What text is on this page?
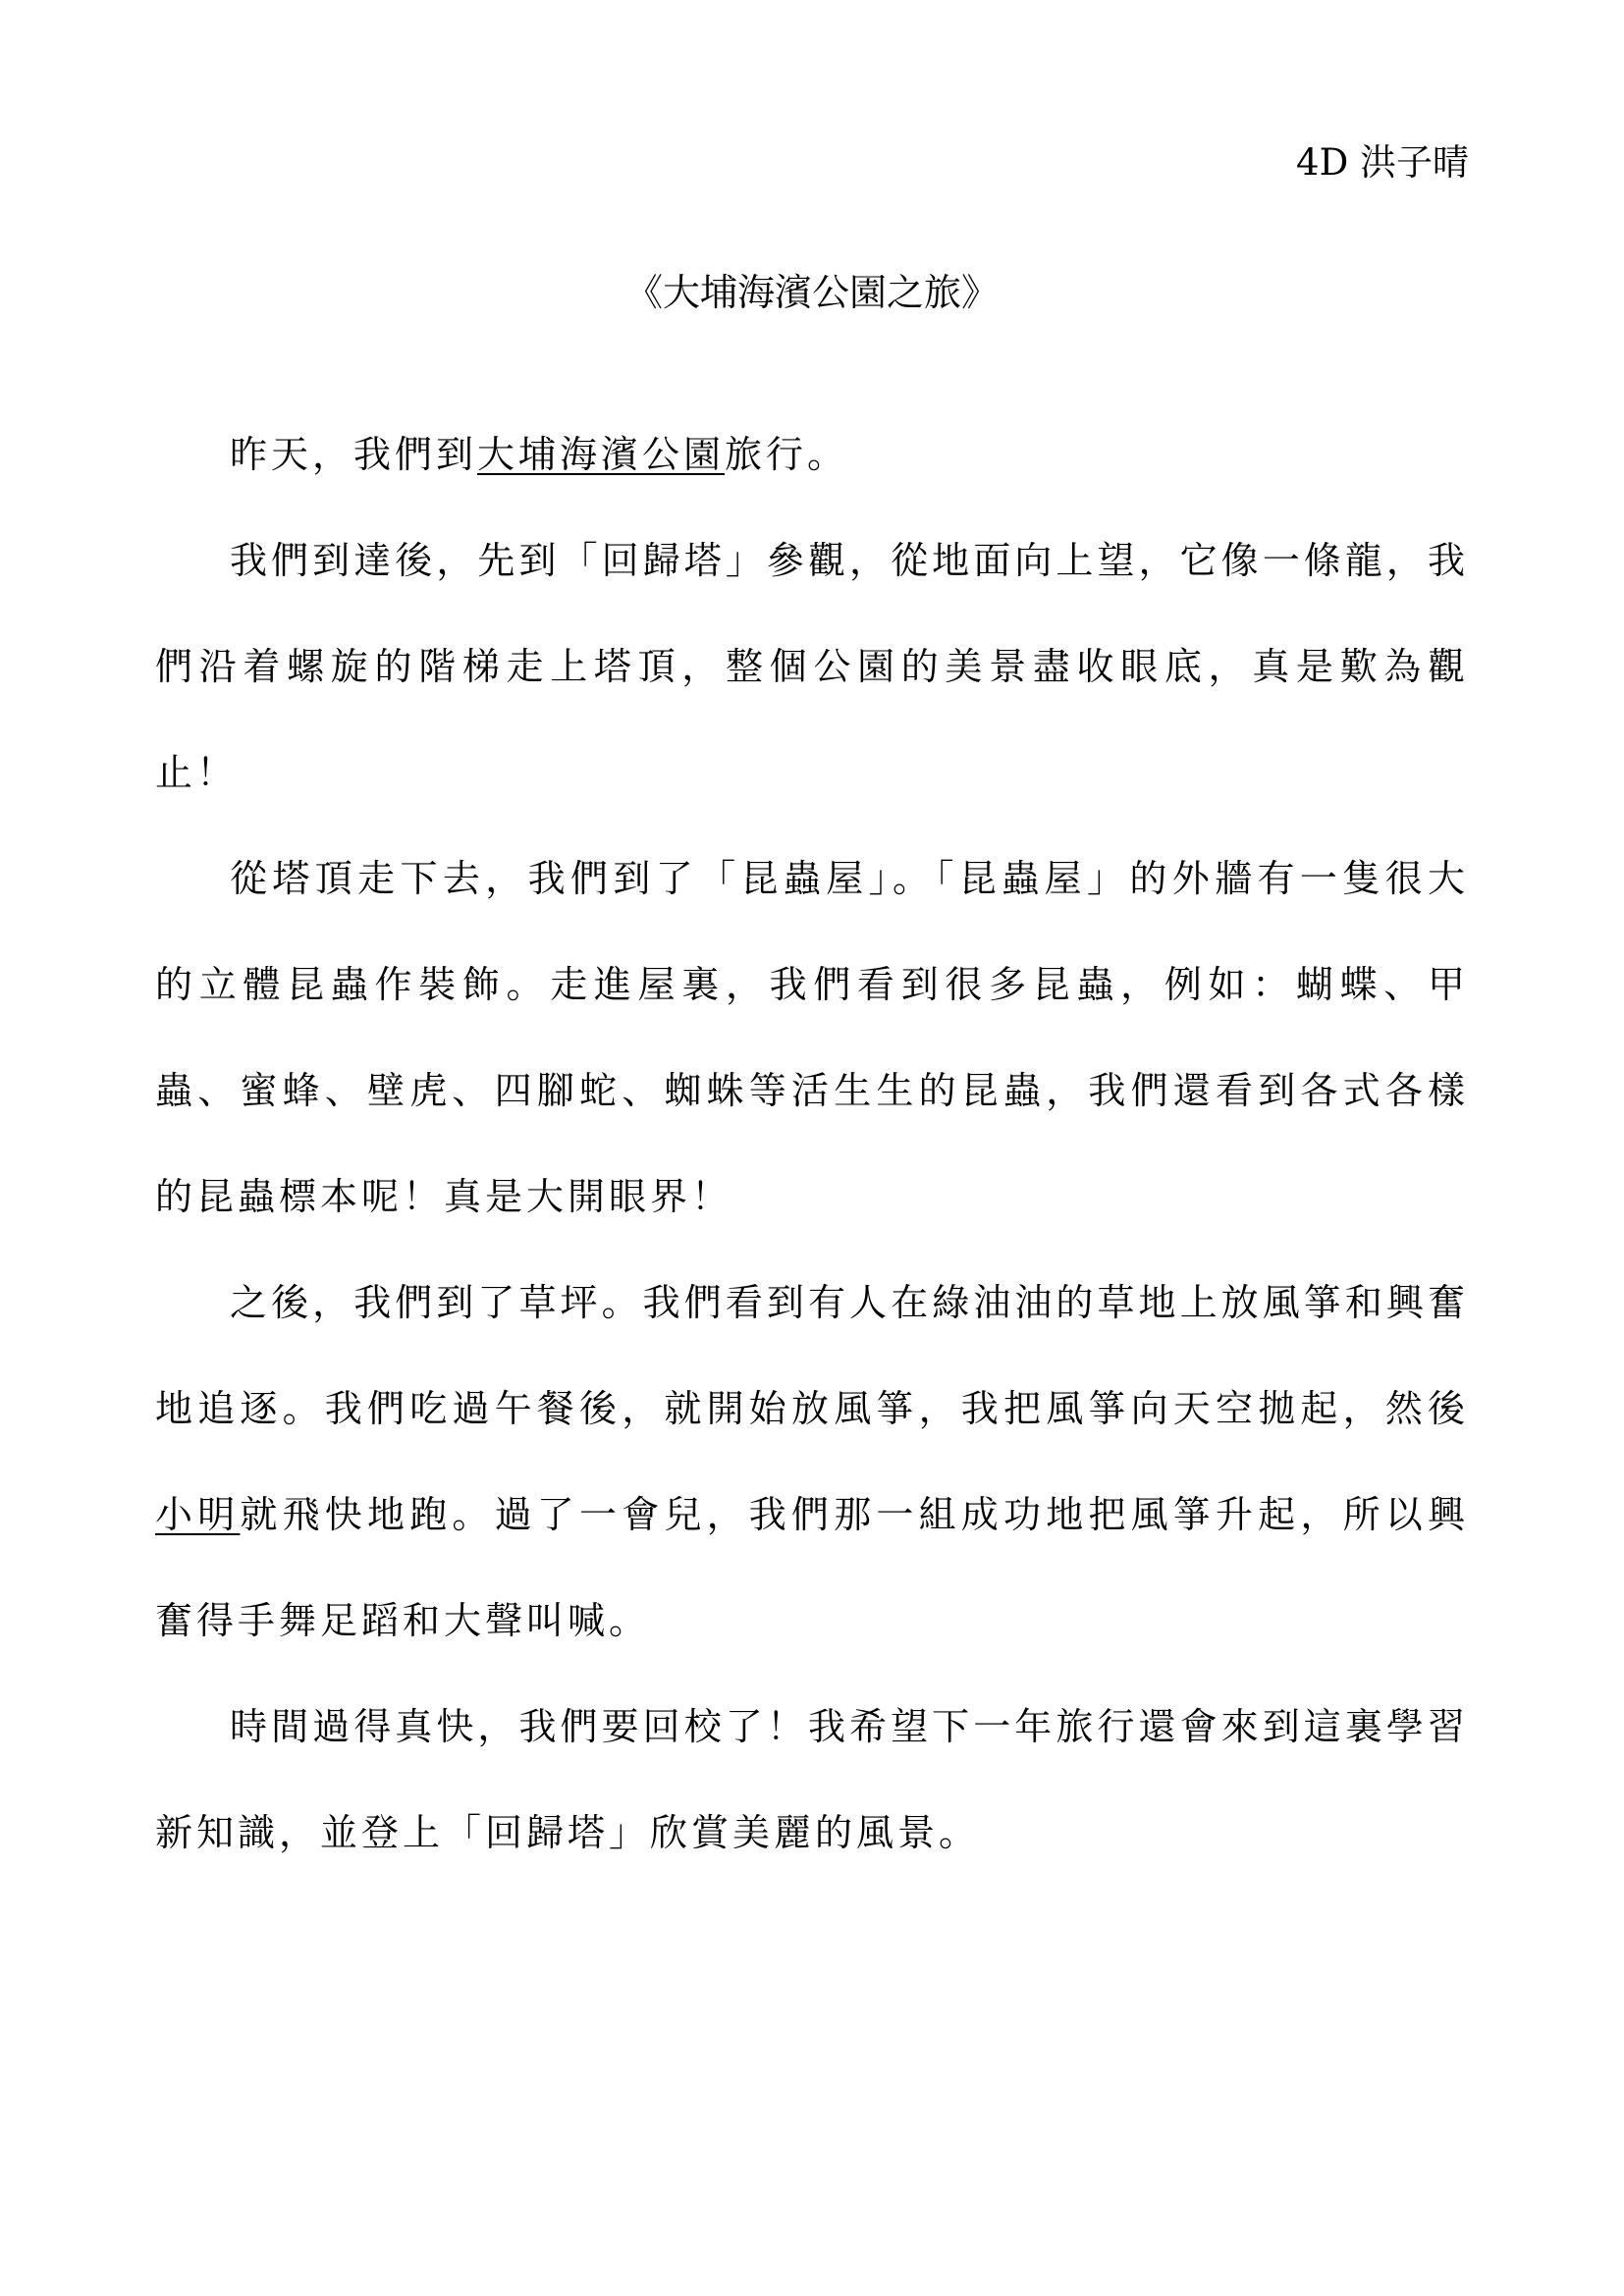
4D 洪子晴
《大埔海濱公園之旅》

昨天，我們到大埔海濱公園旅行。

我們到達後，先到「回歸塔」參觀，從地面向上望，它像一條龍，我們沿着螺旋的階梯走上塔頂，整個公園的美景盡收眼底，真是歎為觀止！

從塔頂走下去，我們到了「昆蟲屋」。「昆蟲屋」的外牆有一隻很大的立體昆蟲作裝飾。走進屋裏，我們看到很多昆蟲，例如：蝴蝶、甲蟲、蜜蜂、壁虎、四腳蛇、蜘蛛等活生生的昆蟲，我們還看到各式各樣的昆蟲標本呢！真是大開眼界！

之後，我們到了草坪。我們看到有人在綠油油的草地上放風箏和興奮地追逐。我們吃過午餐後，就開始放風箏，我把風箏向天空拋起，然後小明就飛快地跑。過了一會兒，我們那一組成功地把風箏升起，所以興奮得手舞足蹈和大聲叫喊。

時間過得真快，我們要回校了！我希望下一年旅行還會來到這裏學習新知識，並登上「回歸塔」欣賞美麗的風景。
